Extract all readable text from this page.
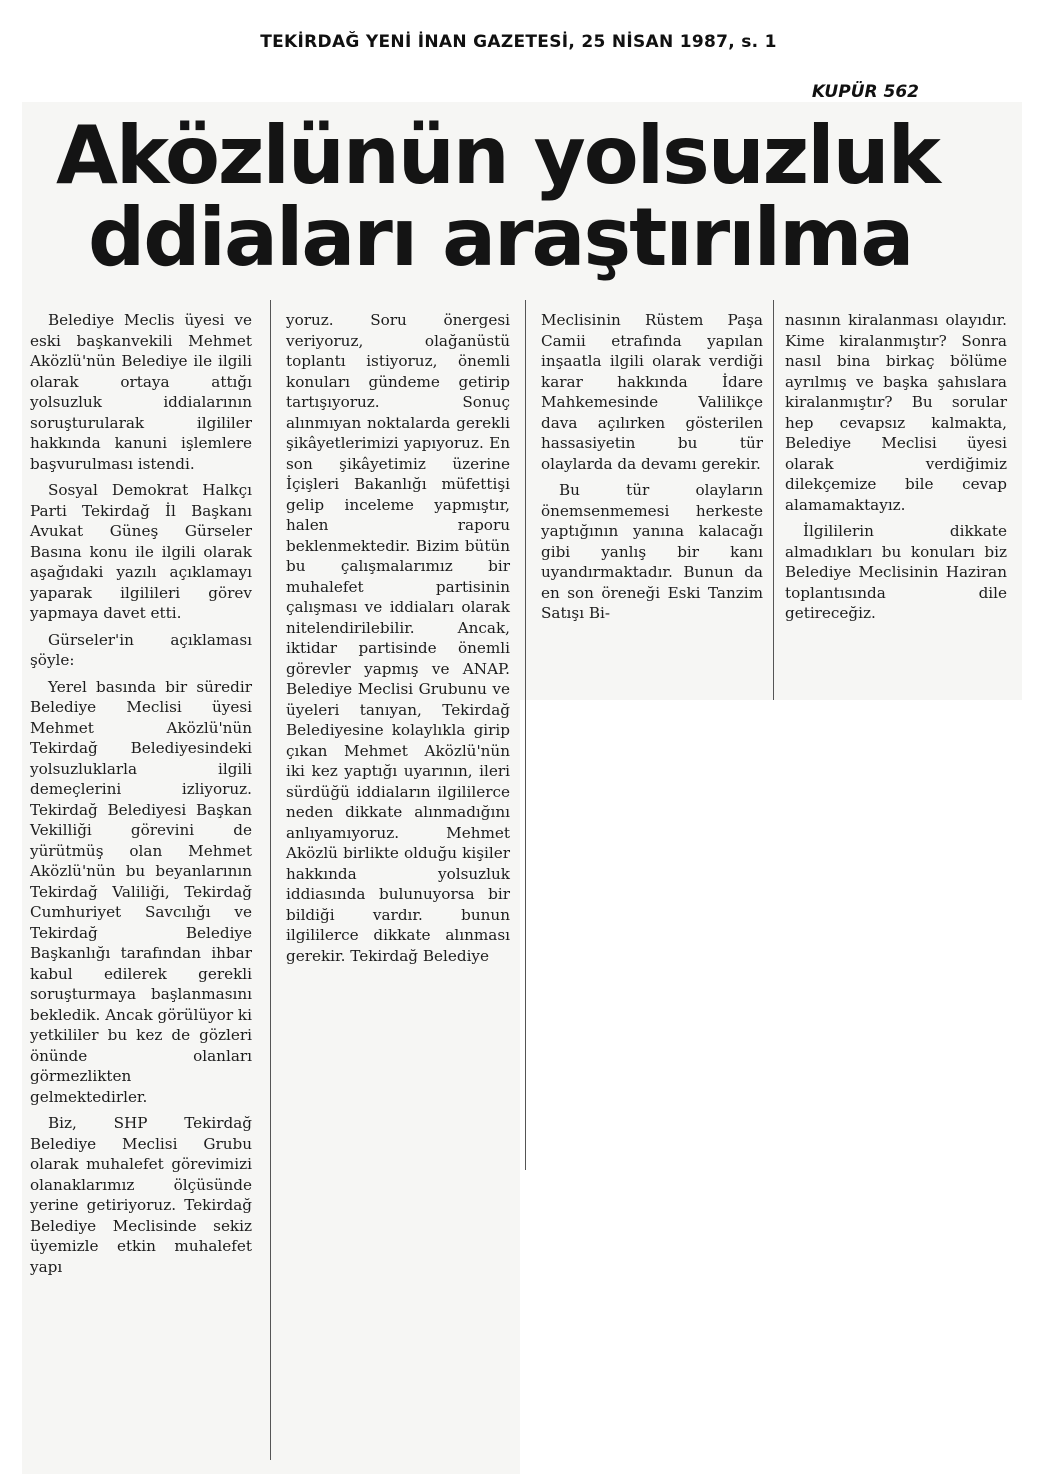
TEKİRDAĞ YENİ İNAN GAZETESİ, 25 NİSAN 1987, s. 1
KUPÜR 562
Aközlünün yolsuzluk
ddiaları araştırılma

Belediye Meclis üyesi ve eski başkanvekili Mehmet Aközlü'nün Belediye ile ilgili olarak ortaya attığı yolsuzluk iddialarının soruşturularak ilgililer hakkında kanuni işlemlere başvurulması istendi.

Sosyal Demokrat Halkçı Parti Tekirdağ İl Başkanı Avukat Güneş Gürseler Basına konu ile ilgili olarak aşağıdaki yazılı açıklamayı yaparak ilgilileri görev yapmaya davet etti.

Gürseler'in açıklaması şöyle:

Yerel basında bir süredir Belediye Meclisi üyesi Mehmet Aközlü'nün Tekirdağ Belediyesindeki yolsuzluklarla ilgili demeçlerini izliyoruz. Tekirdağ Belediyesi Başkan Vekilliği görevini de yürütmüş olan Mehmet Aközlü'nün bu beyanlarının Tekirdağ Valiliği, Tekirdağ Cumhuriyet Savcılığı ve Tekirdağ Belediye Başkanlığı tarafından ihbar kabul edilerek gerekli soruşturmaya başlanmasını bekledik. Ancak görülüyor ki yetkililer bu kez de gözleri önünde olanları görmezlikten gelmektedirler.

Biz, SHP Tekirdağ Belediye Meclisi Grubu olarak muhalefet görevimizi olanaklarımız ölçüsünde yerine getiriyoruz. Tekirdağ Belediye Meclisinde sekiz üyemizle etkin muhalefet yapı

yoruz. Soru önergesi veriyoruz, olağanüstü toplantı istiyoruz, önemli konuları gündeme getirip tartışıyoruz. Sonuç alınmıyan noktalarda gerekli şikâyetlerimizi yapıyoruz. En son şikâyetimiz üzerine İçişleri Bakanlığı müfettişi gelip inceleme yapmıştır, halen raporu beklenmektedir. Bizim bütün bu çalışmalarımız bir muhalefet partisinin çalışması ve iddiaları olarak nitelendirilebilir. Ancak, iktidar partisinde önemli görevler yapmış ve ANAP. Belediye Meclisi Grubunu ve üyeleri tanıyan, Tekirdağ Belediyesine kolaylıkla girip çıkan Mehmet Aközlü'nün iki kez yaptığı uyarının, ileri sürdüğü iddiaların ilgililerce neden dikkate alınmadığını anlıyamıyoruz. Mehmet Aközlü birlikte olduğu kişiler hakkında yolsuzluk iddiasında bulunuyorsa bir bildiği vardır. bunun ilgililerce dikkate alınması gerekir. Tekirdağ Belediye

Meclisinin Rüstem Paşa Camii etrafında yapılan inşaatla ilgili olarak verdiği karar hakkında İdare Mahkemesinde Valilikçe dava açılırken gösterilen hassasiyetin bu tür olaylarda da devamı gerekir.

Bu tür olayların önemsenmemesi herkeste yaptığının yanına kalacağı gibi yanlış bir kanı uyandırmaktadır. Bunun da en son öreneği Eski Tanzim Satışı Bi-

nasının kiralanması olayıdır. Kime kiralanmıştır? Sonra nasıl bina birkaç bölüme ayrılmış ve başka şahıslara kiralanmıştır? Bu sorular hep cevapsız kalmakta, Belediye Meclisi üyesi olarak verdiğimiz dilekçemize bile cevap alamamaktayız.

İlgililerin dikkate almadıkları bu konuları biz Belediye Meclisinin Haziran toplantısında dile getireceğiz.
